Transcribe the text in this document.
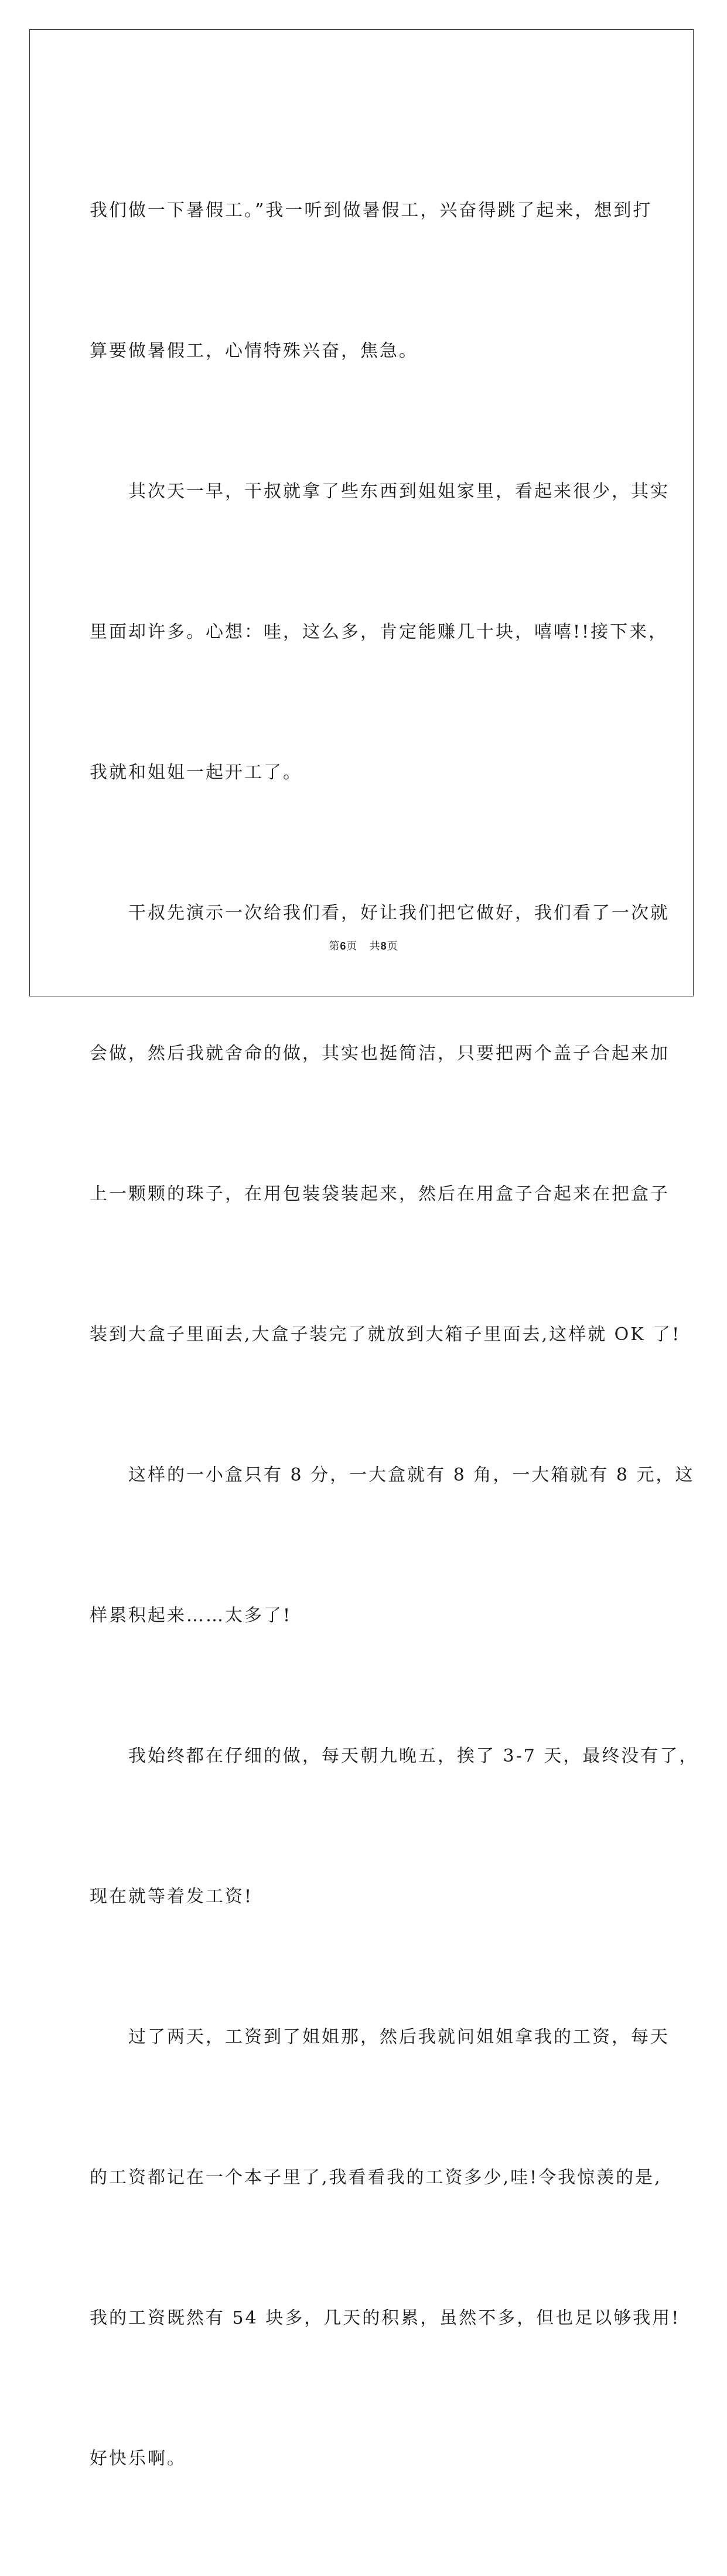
我们做一下暑假工。”我一听到做暑假工，兴奋得跳了起来，想到打

算要做暑假工，心情特殊兴奋，焦急。

　　其次天一早，干叔就拿了些东西到姐姐家里，看起来很少，其实

里面却许多。心想：哇，这么多，肯定能赚几十块，嘻嘻!!接下来，

我就和姐姐一起开工了。

　　干叔先演示一次给我们看，好让我们把它做好，我们看了一次就

会做，然后我就舍命的做，其实也挺简洁，只要把两个盖子合起来加

上一颗颗的珠子，在用包装袋装起来，然后在用盒子合起来在把盒子

装到大盒子里面去,大盒子装完了就放到大箱子里面去,这样就 OK 了!

　　这样的一小盒只有 8 分，一大盒就有 8 角，一大箱就有 8 元，这

样累积起来……太多了!

　　我始终都在仔细的做，每天朝九晚五，挨了 3-7 天，最终没有了，

现在就等着发工资!

　　过了两天，工资到了姐姐那，然后我就问姐姐拿我的工资，每天

的工资都记在一个本子里了,我看看我的工资多少,哇!令我惊羡的是,

我的工资既然有 54 块多，几天的积累，虽然不多，但也足以够我用!

好快乐啊。

第6页 共8页
